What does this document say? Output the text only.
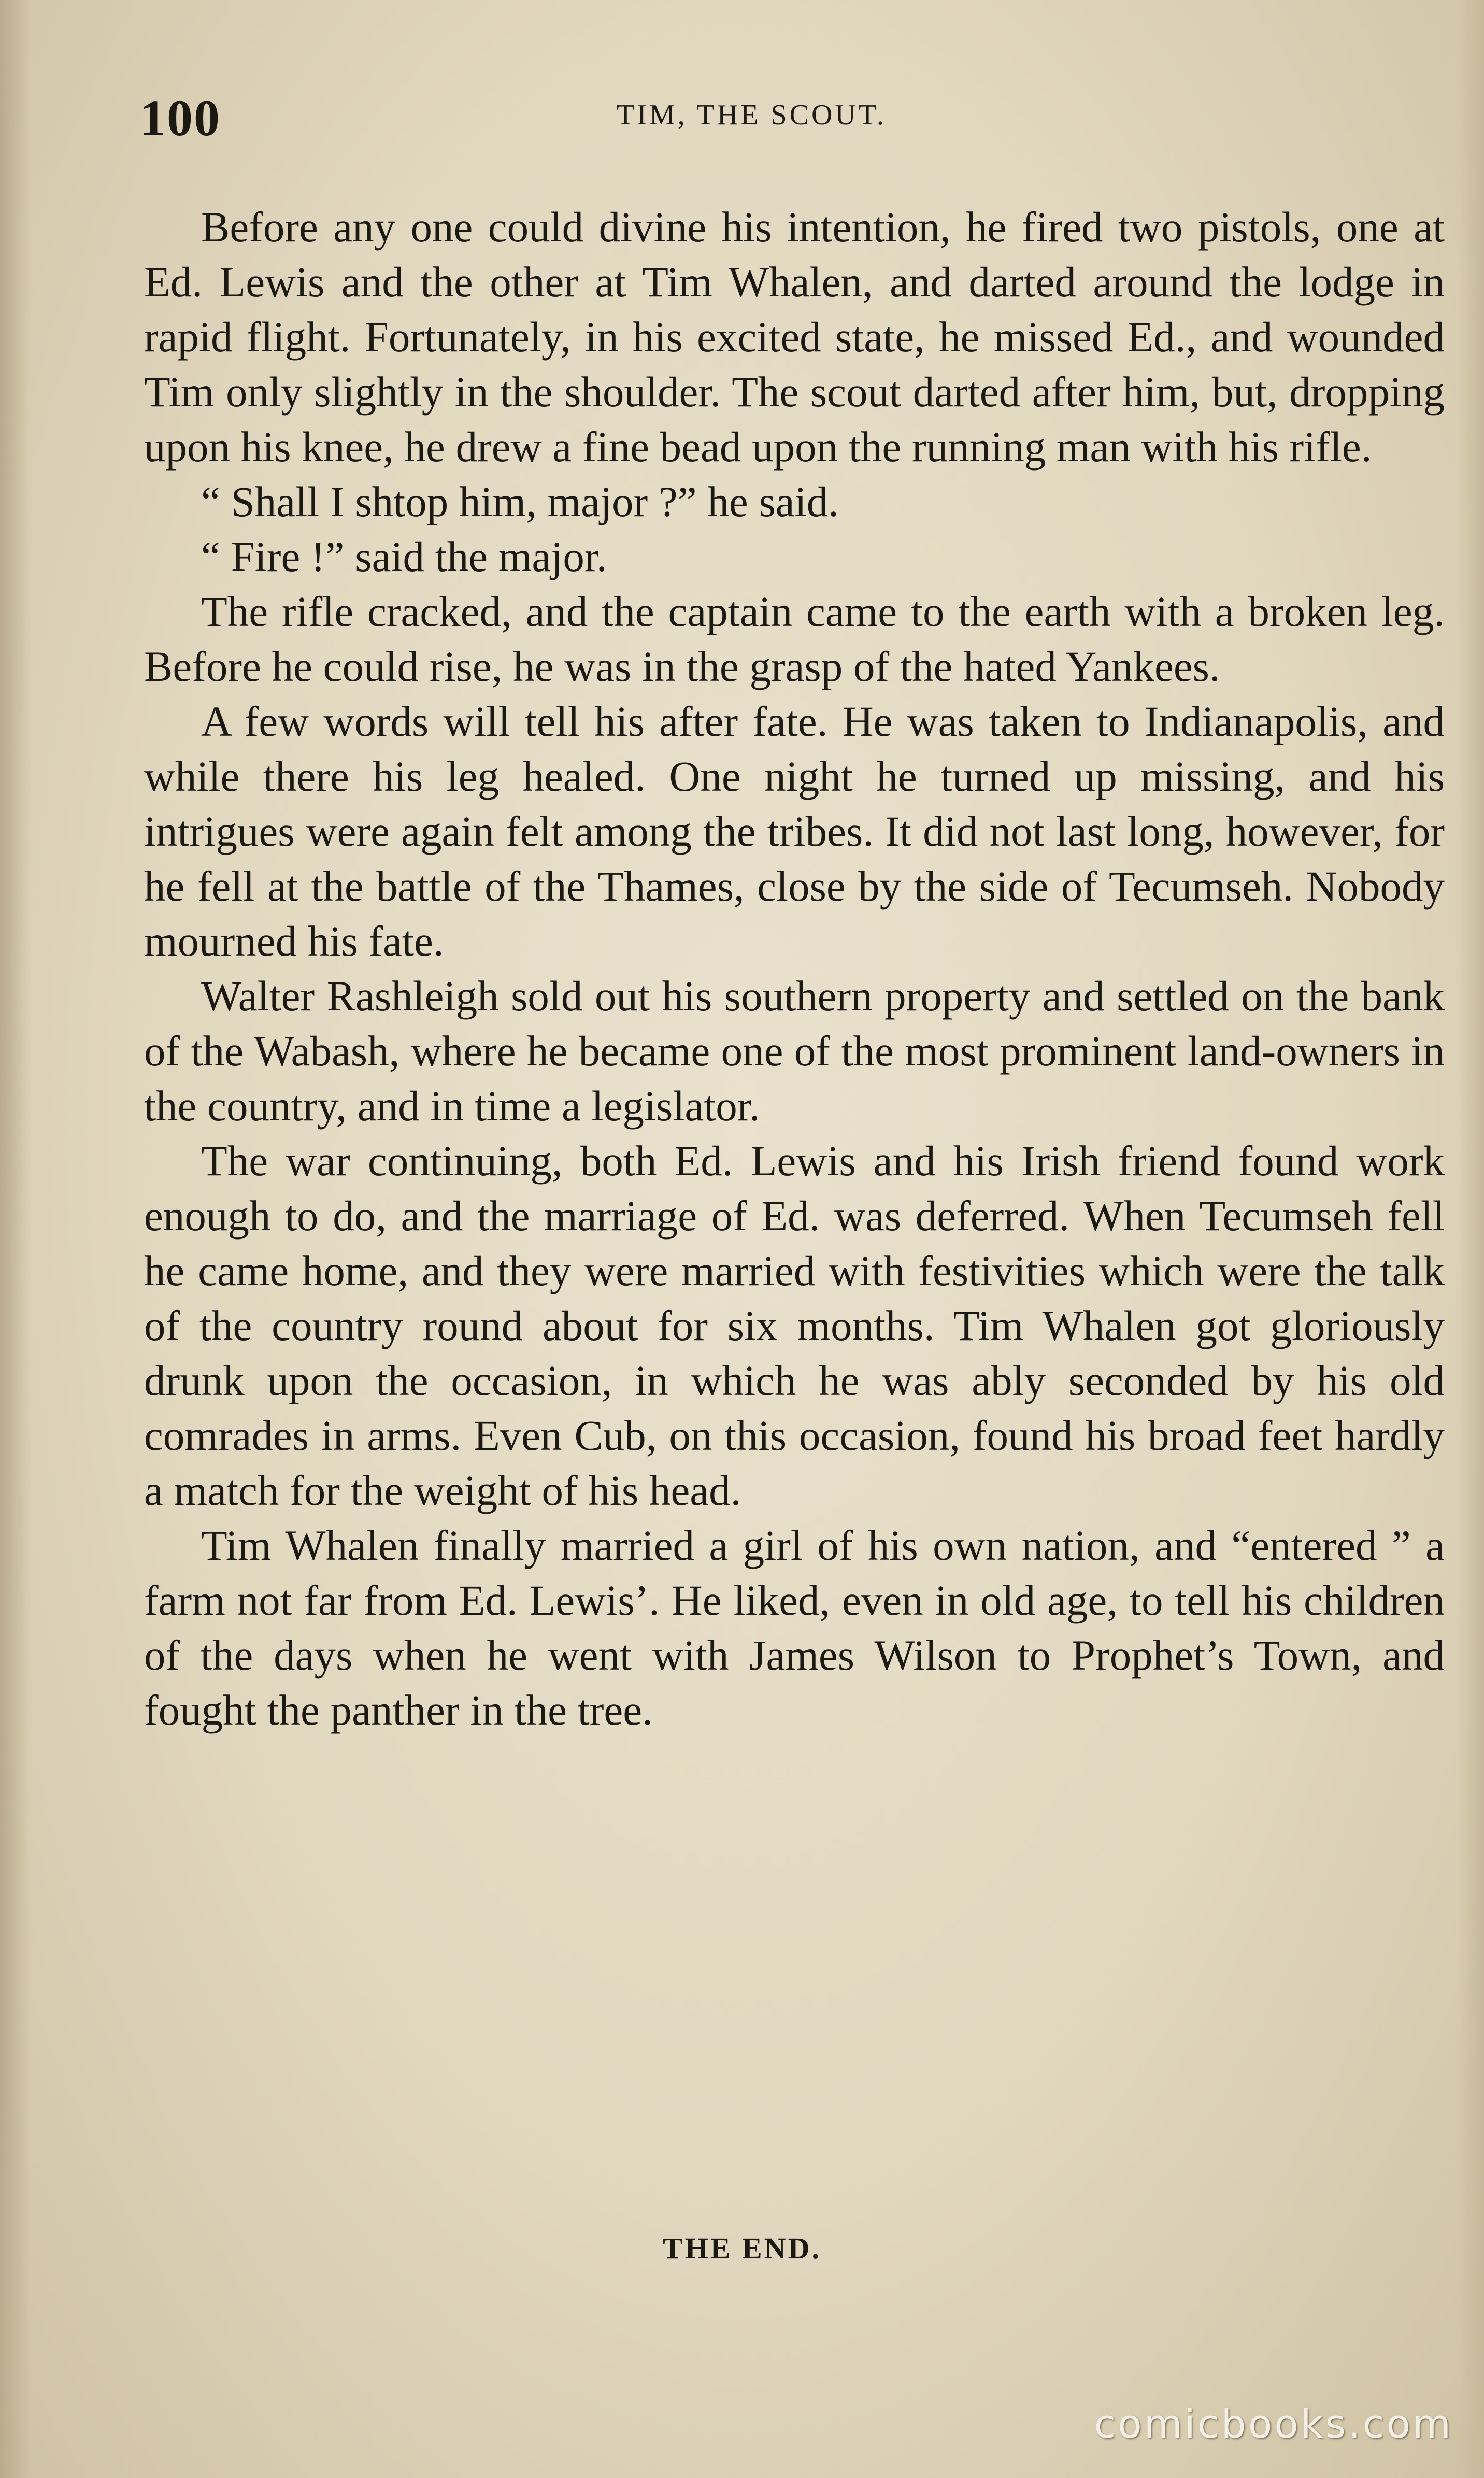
100	TIM, THE SCOUT.

Before any one could divine his intention, he fired two pistols, one at Ed. Lewis and the other at Tim Whalen, and darted around the lodge in rapid flight. Fortunately, in his excited state, he missed Ed., and wounded Tim only slightly in the shoulder. The scout darted after him, but, dropping upon his knee, he drew a fine bead upon the running man with his rifle.

“ Shall I shtop him, major ?” he said.

“ Fire !” said the major.

The rifle cracked, and the captain came to the earth with a broken leg. Before he could rise, he was in the grasp of the hated Yankees.

A few words will tell his after fate. He was taken to Indianapolis, and while there his leg healed. One night he turned up missing, and his intrigues were again felt among the tribes. It did not last long, however, for he fell at the battle of the Thames, close by the side of Tecumseh. Nobody mourned his fate.

Walter Rashleigh sold out his southern property and settled on the bank of the Wabash, where he became one of the most prominent land-owners in the country, and in time a legislator.

The war continuing, both Ed. Lewis and his Irish friend found work enough to do, and the marriage of Ed. was deferred. When Tecumseh fell he came home, and they were married with festivities which were the talk of the country round about for six months. Tim Whalen got gloriously drunk upon the occasion, in which he was ably seconded by his old comrades in arms. Even Cub, on this occasion, found his broad feet hardly a match for the weight of his head.

Tim Whalen finally married a girl of his own nation, and “entered ” a farm not far from Ed. Lewis’. He liked, even in old age, to tell his children of the days when he went with James Wilson to Prophet’s Town, and fought the panther in the tree.

THE END.
comicbooks.com
